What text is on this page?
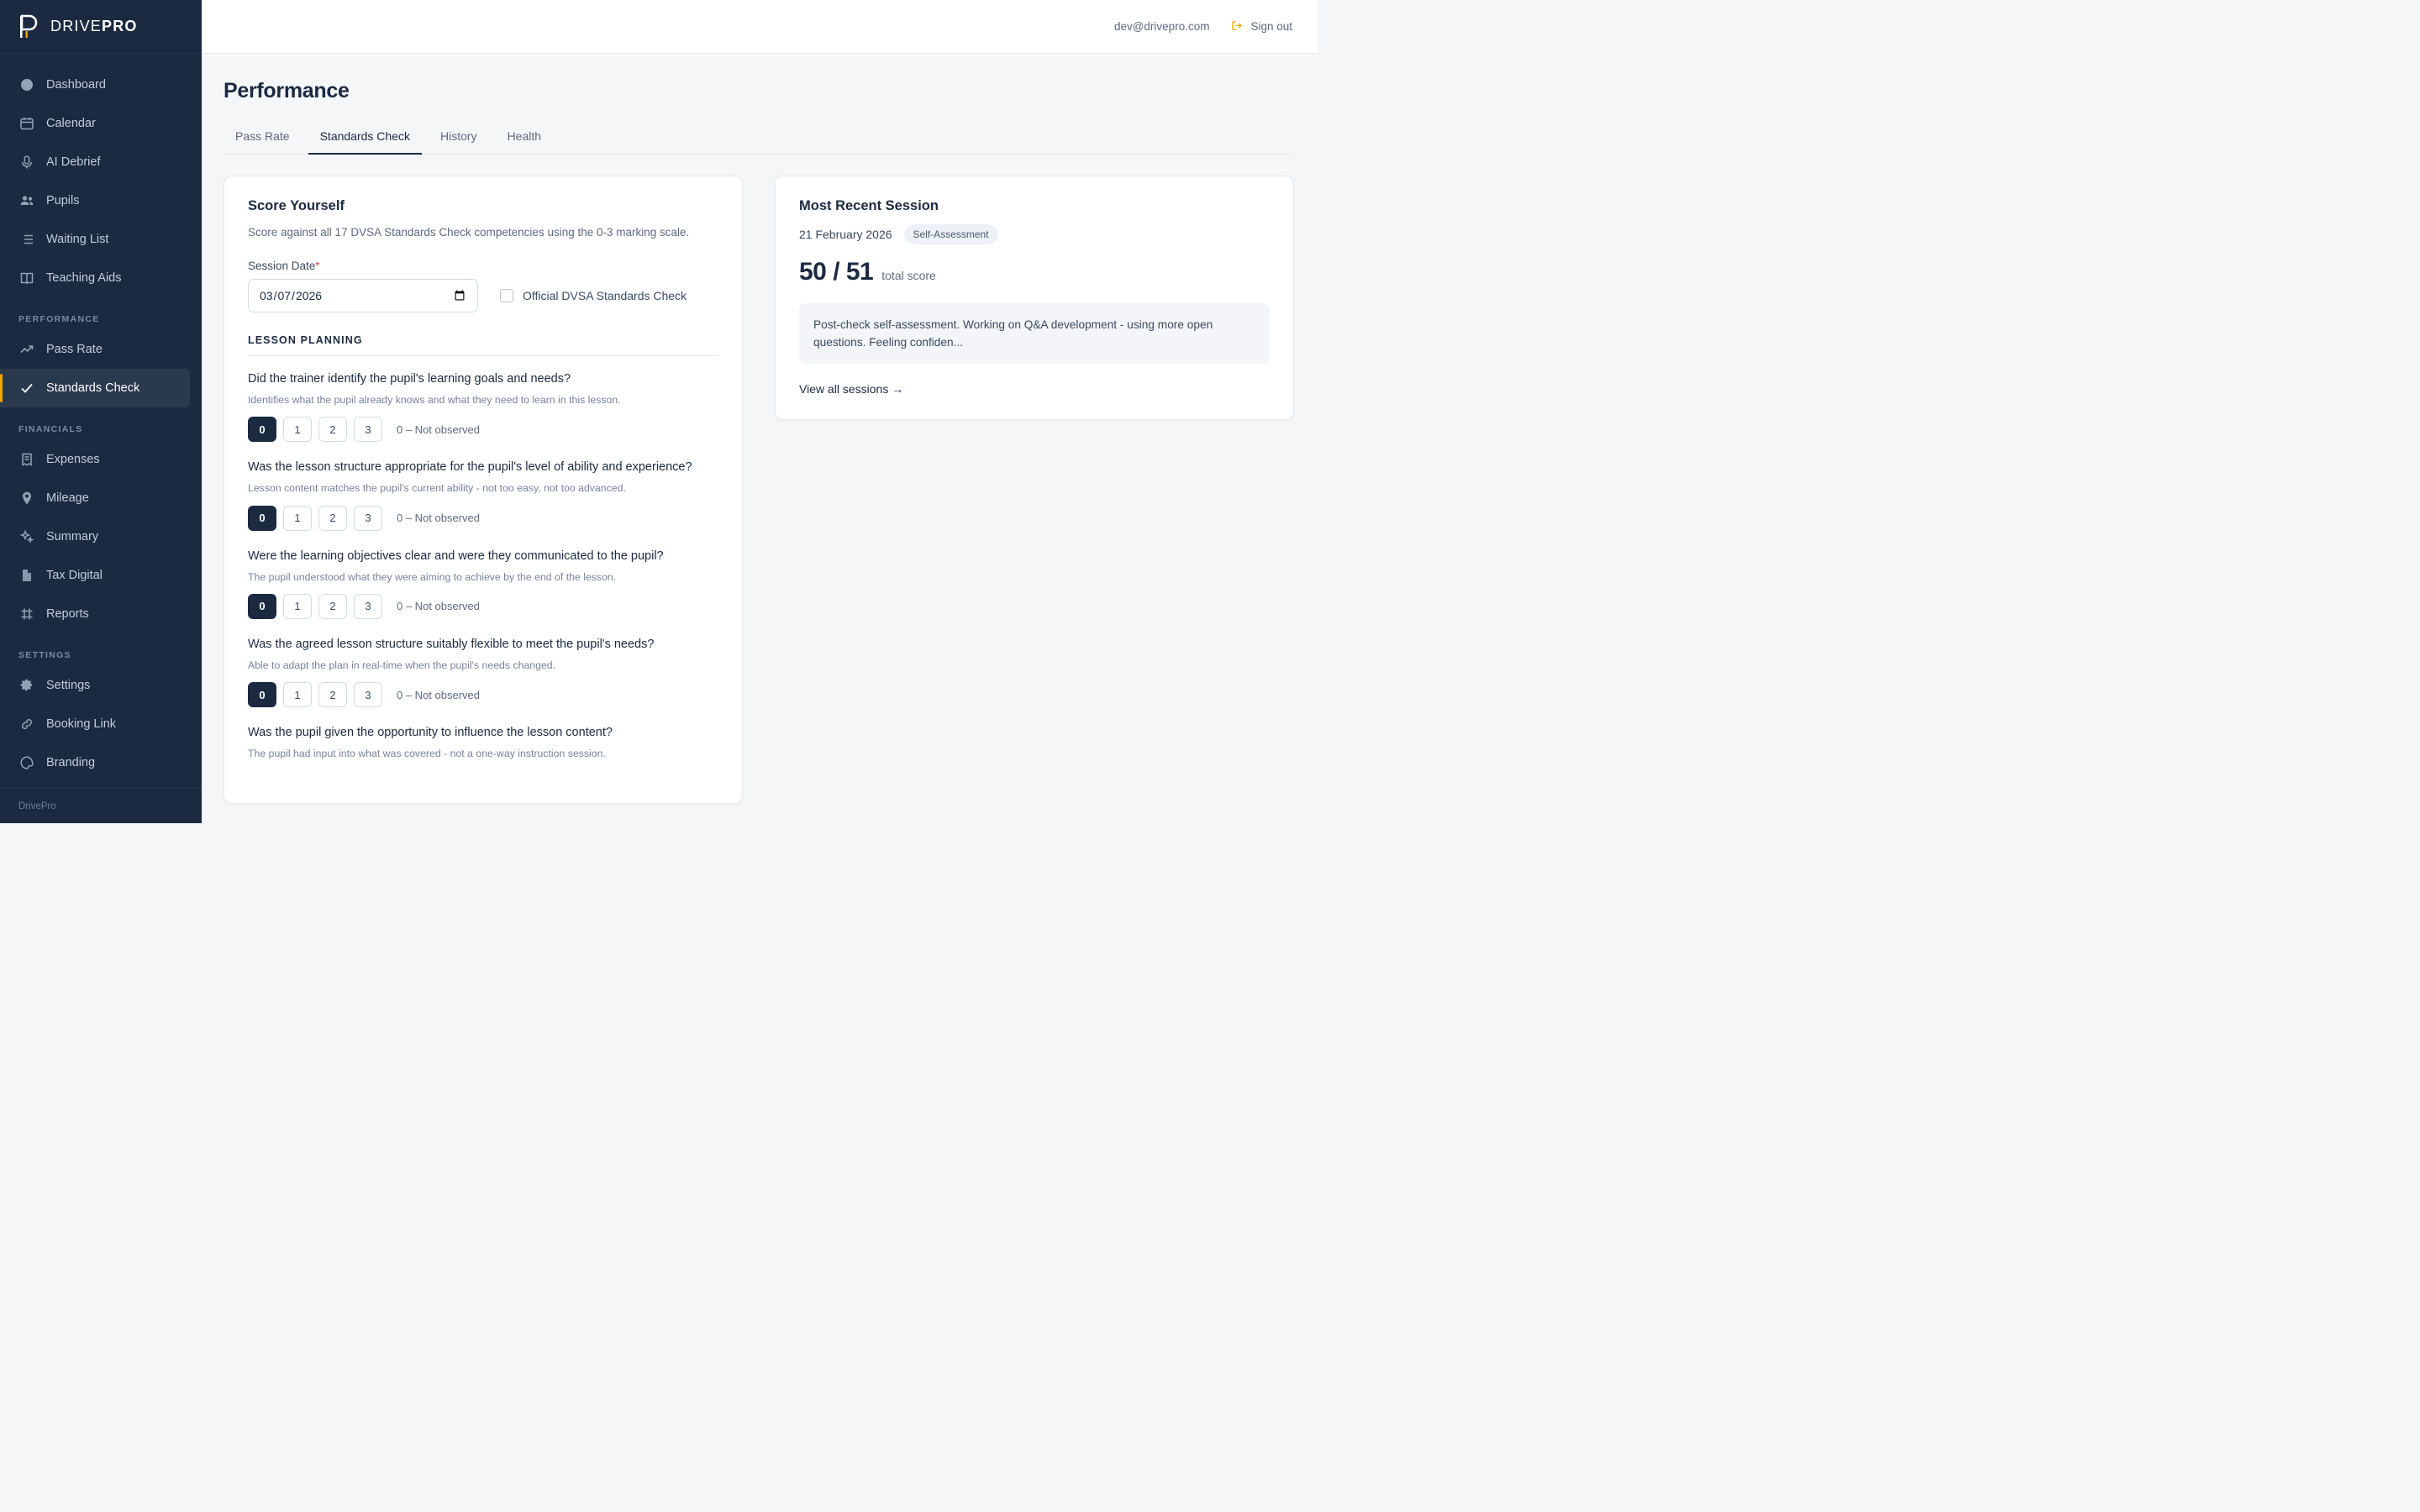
DRIVEPRO
Dashboard
Calendar
AI Debrief
Pupils
Waiting List
Teaching Aids
PERFORMANCE
Pass Rate
Standards Check
FINANCIALS
Expenses
Mileage
Summary
Tax Digital
Reports
SETTINGS
Settings
Booking Link
Branding
DrivePro
dev@drivepro.com	Sign out
Performance
Pass Rate	Standards Check	History	Health
Score Yourself
Score against all 17 DVSA Standards Check competencies using the 0-3 marking scale.
Session Date*
2026-03-07
Official DVSA Standards Check
LESSON PLANNING
Did the trainer identify the pupil's learning goals and needs?
Identifies what the pupil already knows and what they need to learn in this lesson.
0	1	2	3	0 – Not observed
Was the lesson structure appropriate for the pupil's level of ability and experience?
Lesson content matches the pupil's current ability - not too easy, not too advanced.
0	1	2	3	0 – Not observed
Were the learning objectives clear and were they communicated to the pupil?
The pupil understood what they were aiming to achieve by the end of the lesson.
0	1	2	3	0 – Not observed
Was the agreed lesson structure suitably flexible to meet the pupil's needs?
Able to adapt the plan in real-time when the pupil's needs changed.
0	1	2	3	0 – Not observed
Was the pupil given the opportunity to influence the lesson content?
The pupil had input into what was covered - not a one-way instruction session.
Most Recent Session
21 February 2026	Self-Assessment
50 / 51 total score
Post-check self-assessment. Working on Q&A development - using more open questions. Feeling confiden...
View all sessions →
